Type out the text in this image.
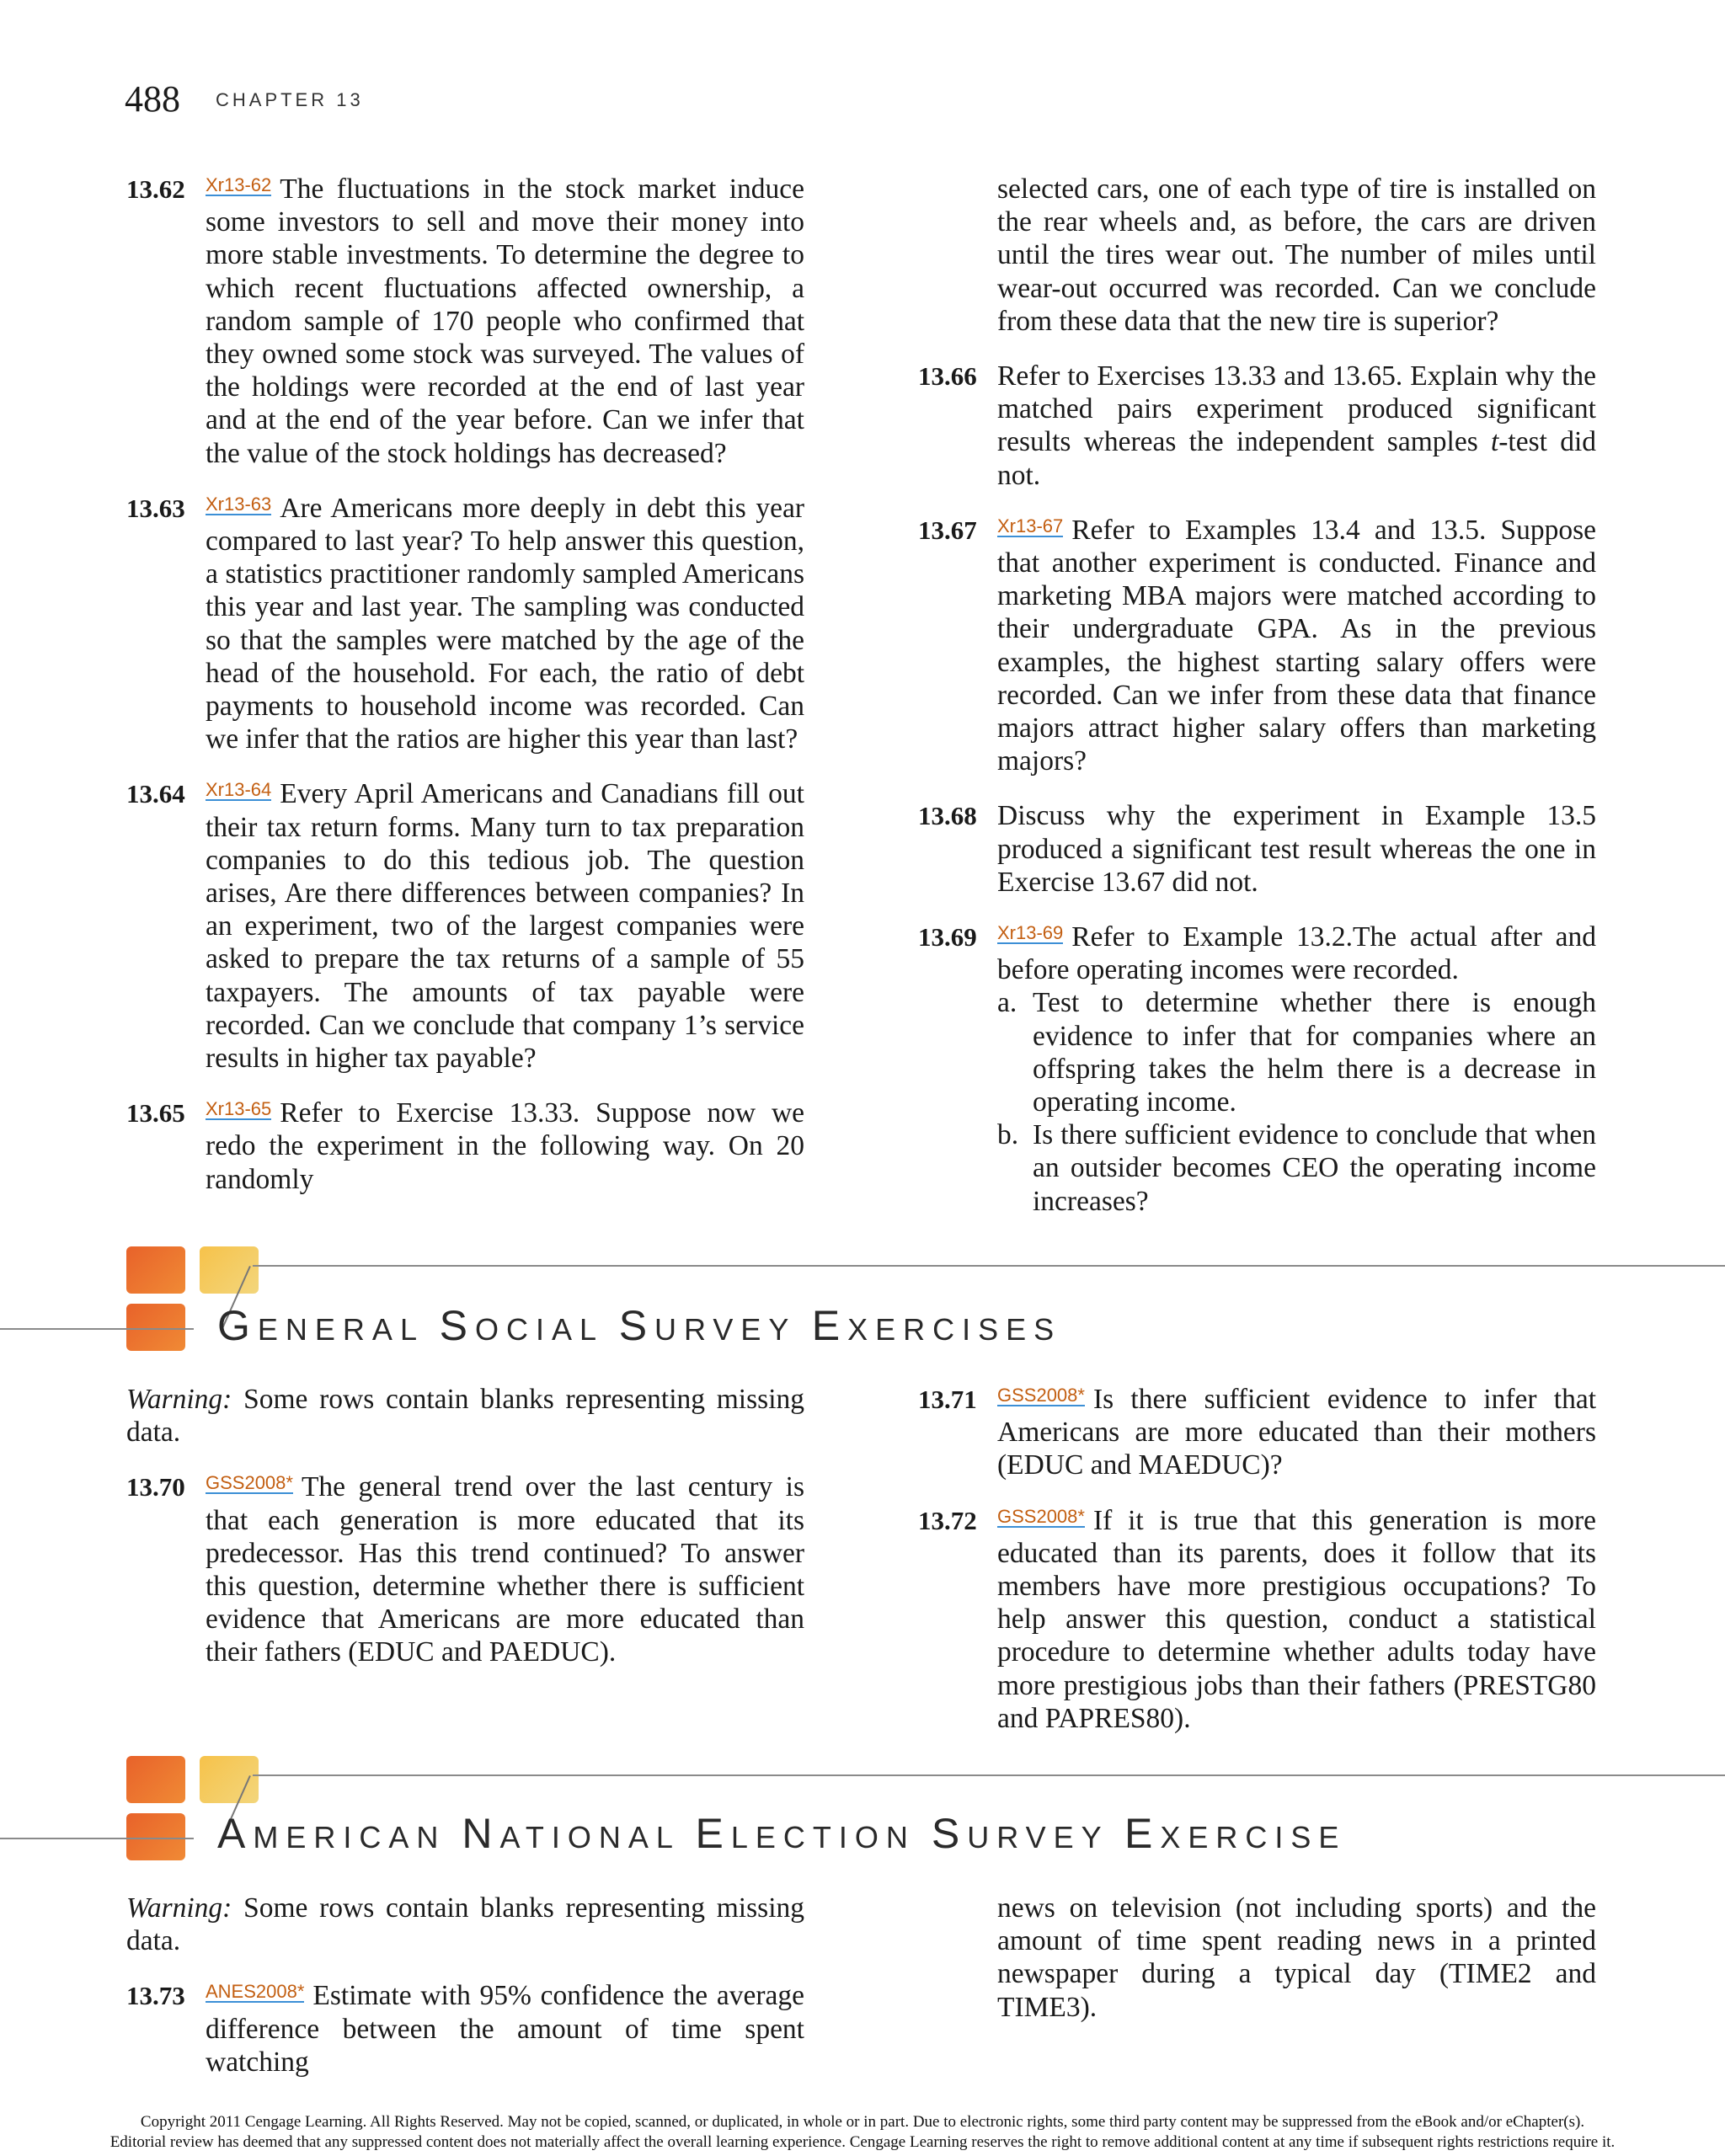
488 CHAPTER 13
13.62 Xr13-62 The fluctuations in the stock market induce some investors to sell and move their money into more stable investments. To determine the degree to which recent fluctuations affected ownership, a random sample of 170 people who confirmed that they owned some stock was surveyed. The values of the holdings were recorded at the end of last year and at the end of the year before. Can we infer that the value of the stock holdings has decreased?
13.63 Xr13-63 Are Americans more deeply in debt this year compared to last year? To help answer this question, a statistics practitioner randomly sampled Americans this year and last year. The sampling was conducted so that the samples were matched by the age of the head of the household. For each, the ratio of debt payments to household income was recorded. Can we infer that the ratios are higher this year than last?
13.64 Xr13-64 Every April Americans and Canadians fill out their tax return forms. Many turn to tax preparation companies to do this tedious job. The question arises, Are there differences between companies? In an experiment, two of the largest companies were asked to prepare the tax returns of a sample of 55 taxpayers. The amounts of tax payable were recorded. Can we conclude that company 1’s service results in higher tax payable?
13.65 Xr13-65 Refer to Exercise 13.33. Suppose now we redo the experiment in the following way. On 20 randomly
selected cars, one of each type of tire is installed on the rear wheels and, as before, the cars are driven until the tires wear out. The number of miles until wear-out occurred was recorded. Can we conclude from these data that the new tire is superior?
13.66 Refer to Exercises 13.33 and 13.65. Explain why the matched pairs experiment produced significant results whereas the independent samples t-test did not.
13.67 Xr13-67 Refer to Examples 13.4 and 13.5. Suppose that another experiment is conducted. Finance and marketing MBA majors were matched according to their undergraduate GPA. As in the previous examples, the highest starting salary offers were recorded. Can we infer from these data that finance majors attract higher salary offers than marketing majors?
13.68 Discuss why the experiment in Example 13.5 produced a significant test result whereas the one in Exercise 13.67 did not.
13.69 Xr13-69 Refer to Example 13.2.The actual after and before operating incomes were recorded.
a. Test to determine whether there is enough evidence to infer that for companies where an offspring takes the helm there is a decrease in operating income.
b. Is there sufficient evidence to conclude that when an outsider becomes CEO the operating income increases?
GENERAL SOCIAL SURVEY EXERCISES
Warning: Some rows contain blanks representing missing data.
13.70 GSS2008* The general trend over the last century is that each generation is more educated that its predecessor. Has this trend continued? To answer this question, determine whether there is sufficient evidence that Americans are more educated than their fathers (EDUC and PAEDUC).
13.71 GSS2008* Is there sufficient evidence to infer that Americans are more educated than their mothers (EDUC and MAEDUC)?
13.72 GSS2008* If it is true that this generation is more educated than its parents, does it follow that its members have more prestigious occupations? To help answer this question, conduct a statistical procedure to determine whether adults today have more prestigious jobs than their fathers (PRESTG80 and PAPRES80).
AMERICAN NATIONAL ELECTION SURVEY EXERCISE
Warning: Some rows contain blanks representing missing data.
13.73 ANES2008* Estimate with 95% confidence the average difference between the amount of time spent watching
news on television (not including sports) and the amount of time spent reading news in a printed newspaper during a typical day (TIME2 and TIME3).
Copyright 2011 Cengage Learning. All Rights Reserved. May not be copied, scanned, or duplicated, in whole or in part. Due to electronic rights, some third party content may be suppressed from the eBook and/or eChapter(s).
Editorial review has deemed that any suppressed content does not materially affect the overall learning experience. Cengage Learning reserves the right to remove additional content at any time if subsequent rights restrictions require it.
